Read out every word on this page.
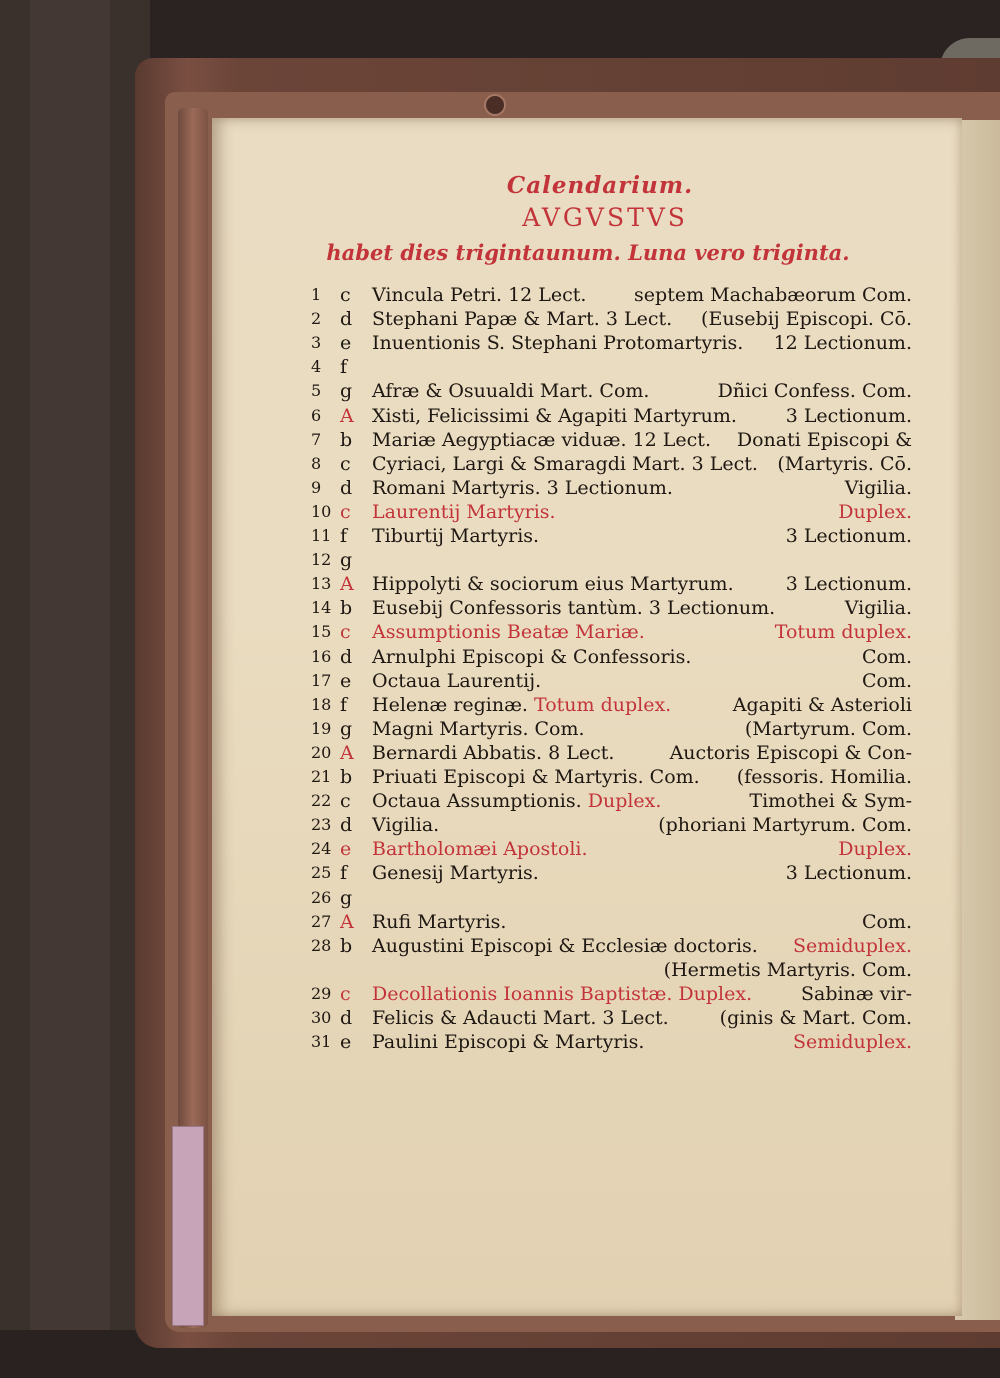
Calendarium.
AVGVSTVS
habet dies trigintaunum. Luna vero triginta.
1 c Vincula Petri. 12 Lect.	septem Machabæorum Com.
2 d Stephani Papæ & Mart. 3 Lect. (Eusebij Episcopi. Cō.
3 e Inuentionis S. Stephani Protomartyris. 12 Lectionum.
4 f
5 g Afræ & Osuualdi Mart. Com.	Dñici Confess. Com.
6 A Xisti, Felicissimi & Agapiti Martyrum.	3 Lectionum.
7 b Mariæ Aegyptiacæ viduæ. 12 Lect. Donati Episcopi &
8 c Cyriaci, Largi & Smaragdi Mart. 3 Lect. (Martyris. Cō.
9 d Romani Martyris. 3 Lectionum.	Vigilia.
10 c Laurentij Martyris.	Duplex.
11 f Tiburtij Martyris.	3 Lectionum.
12 g
13 A Hippolyti & sociorum eius Martyrum.	3 Lectionum.
14 b Eusebij Confessoris tantùm. 3 Lectionum.	Vigilia.
15 c Assumptionis Beatæ Mariæ.	Totum duplex.
16 d Arnulphi Episcopi & Confessoris.	Com.
17 e Octaua Laurentij.	Com.
18 f Helenæ reginæ. Totum duplex.	Agapiti & Asterioli
19 g Magni Martyris. Com.	(Martyrum. Com.
20 A Bernardi Abbatis. 8 Lect.	Auctoris Episcopi & Con-
21 b Priuati Episcopi & Martyris. Com. (fessoris. Homilia.
22 c Octaua Assumptionis. Duplex.	Timothei & Sym-
23 d Vigilia.	(phoriani Martyrum. Com.
24 e Bartholomæi Apostoli.	Duplex.
25 f Genesij Martyris.	3 Lectionum.
26 g
27 A Rufi Martyris.	Com.
28 b Augustini Episcopi & Ecclesiæ doctoris. Semiduplex.
(Hermetis Martyris. Com.
29 c Decollationis Ioannis Baptistæ. Duplex.	Sabinæ vir-
30 d Felicis & Adaucti Mart. 3 Lect.	(ginis & Mart. Com.
31 e Paulini Episcopi & Martyris.	Semiduplex.
